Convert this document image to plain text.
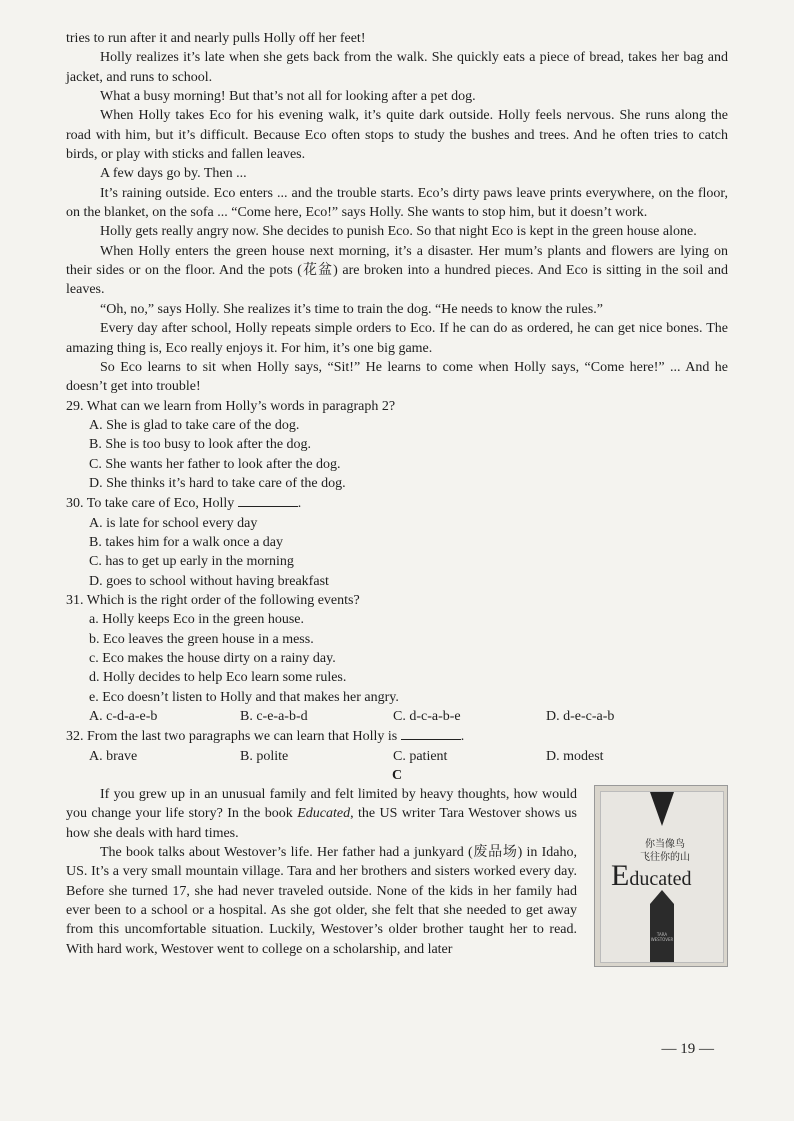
tries to run after it and nearly pulls Holly off her feet!

Holly realizes it’s late when she gets back from the walk. She quickly eats a piece of bread, takes her bag and jacket, and runs to school.

What a busy morning! But that’s not all for looking after a pet dog.

When Holly takes Eco for his evening walk, it’s quite dark outside. Holly feels nervous. She runs along the road with him, but it’s difficult. Because Eco often stops to study the bushes and trees. And he often tries to catch birds, or play with sticks and fallen leaves.

A few days go by. Then ...

It’s raining outside. Eco enters ... and the trouble starts. Eco’s dirty paws leave prints everywhere, on the floor, on the blanket, on the sofa ... “Come here, Eco!” says Holly. She wants to stop him, but it doesn’t work.

Holly gets really angry now. She decides to punish Eco. So that night Eco is kept in the green house alone.

When Holly enters the green house next morning, it’s a disaster. Her mum’s plants and flowers are lying on their sides or on the floor. And the pots (花盆) are broken into a hundred pieces. And Eco is sitting in the soil and leaves.

“Oh, no,” says Holly. She realizes it’s time to train the dog. “He needs to know the rules.”

Every day after school, Holly repeats simple orders to Eco. If he can do as ordered, he can get nice bones. The amazing thing is, Eco really enjoys it. For him, it’s one big game.

So Eco learns to sit when Holly says, “Sit!” He learns to come when Holly says, “Come here!” ... And he doesn’t get into trouble!

29. What can we learn from Holly’s words in paragraph 2?

A. She is glad to take care of the dog.

B. She is too busy to look after the dog.

C. She wants her father to look after the dog.

D. She thinks it’s hard to take care of the dog.

30. To take care of Eco, Holly	.

A. is late for school every day

B. takes him for a walk once a day

C. has to get up early in the morning

D. goes to school without having breakfast

31. Which is the right order of the following events?

a. Holly keeps Eco in the green house.

b. Eco leaves the green house in a mess.

c. Eco makes the house dirty on a rainy day.

d. Holly decides to help Eco learn some rules.

e. Eco doesn’t listen to Holly and that makes her angry.

A. c-d-a-e-b	B. c-e-a-b-d	C. d-c-a-b-e	D. d-e-c-a-b

32. From the last two paragraphs we can learn that Holly is	.

A. brave	B. polite	C. patient	D. modest

C

If you grew up in an unusual family and felt limited by heavy thoughts, how would you change your life story? In the book Educated, the US writer Tara Westover shows us how she deals with hard times.

The book talks about Westover’s life. Her father had a junkyard (废品场) in Idaho, US. It’s a very small mountain village. Tara and her brothers and sisters worked every day. Before she turned 17, she had never traveled outside. None of the kids in her family had ever been to a school or a hospital. As she got older, she felt that she needed to get away from this uncomfortable situation. Luckily, Westover’s older brother taught her to read. With hard work, Westover went to college on a scholarship, and later

你当像鸟
飞往你的山
Educated
TARA WESTOVER
— 19 —
